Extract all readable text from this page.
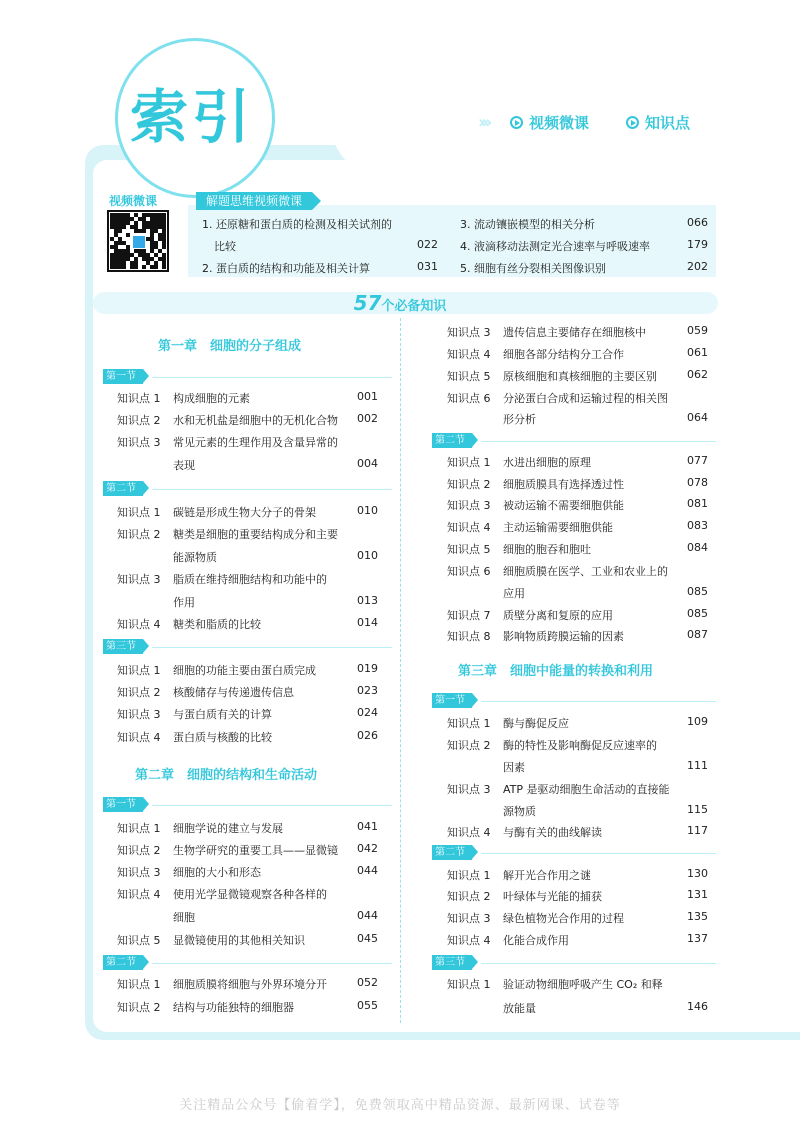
索引	›››	视频微课	知识点
视频微课	解题思维视频微课
1. 还原糖和蛋白质的检测及相关试剂的
比较	022
2. 蛋白质的结构和功能及相关计算	031
3. 流动镶嵌模型的相关分析	066
4. 液滴移动法测定光合速率与呼吸速率	179
5. 细胞有丝分裂相关图像识别	202
57个必备知识
第一章　细胞的分子组成
第一节
第二节
第三节
第二章　细胞的结构和生命活动
第一节
第二节
知识点 1 构成细胞的元素	001
知识点 2 水和无机盐是细胞中的无机化合物	002
知识点 3 常见元素的生理作用及含量异常的
表现	004
知识点 1 碳链是形成生物大分子的骨架	010
知识点 2 糖类是细胞的重要结构成分和主要
能源物质	010
知识点 3 脂质在维持细胞结构和功能中的
作用	013
知识点 4 糖类和脂质的比较	014
知识点 1 细胞的功能主要由蛋白质完成	019
知识点 2 核酸储存与传递遗传信息	023
知识点 3 与蛋白质有关的计算	024
知识点 4 蛋白质与核酸的比较	026
知识点 1 细胞学说的建立与发展	041
知识点 2 生物学研究的重要工具——显微镜	042
知识点 3 细胞的大小和形态	044
知识点 4 使用光学显微镜观察各种各样的
细胞	044
知识点 5 显微镜使用的其他相关知识	045
知识点 1 细胞质膜将细胞与外界环境分开	052
知识点 2 结构与功能独特的细胞器	055
第二节
第三章　细胞中能量的转换和利用
第一节
第二节
第三节
知识点 3 遗传信息主要储存在细胞核中	059
知识点 4 细胞各部分结构分工合作	061
知识点 5 原核细胞和真核细胞的主要区别	062
知识点 6 分泌蛋白合成和运输过程的相关图
形分析	064
知识点 1 水进出细胞的原理	077
知识点 2 细胞质膜具有选择透过性	078
知识点 3 被动运输不需要细胞供能	081
知识点 4 主动运输需要细胞供能	083
知识点 5 细胞的胞吞和胞吐	084
知识点 6 细胞质膜在医学、工业和农业上的
应用	085
知识点 7 质壁分离和复原的应用	085
知识点 8 影响物质跨膜运输的因素	087
知识点 1 酶与酶促反应	109
知识点 2 酶的特性及影响酶促反应速率的
因素	111
知识点 3 ATP 是驱动细胞生命活动的直接能
源物质	115
知识点 4 与酶有关的曲线解读	117
知识点 1 解开光合作用之谜	130
知识点 2 叶绿体与光能的捕获	131
知识点 3 绿色植物光合作用的过程	135
知识点 4 化能合成作用	137
知识点 1 验证动物细胞呼吸产生 CO₂ 和释
放能量	146
关注精品公众号【偷着学】，免费领取高中精品资源、最新网课、试卷等
